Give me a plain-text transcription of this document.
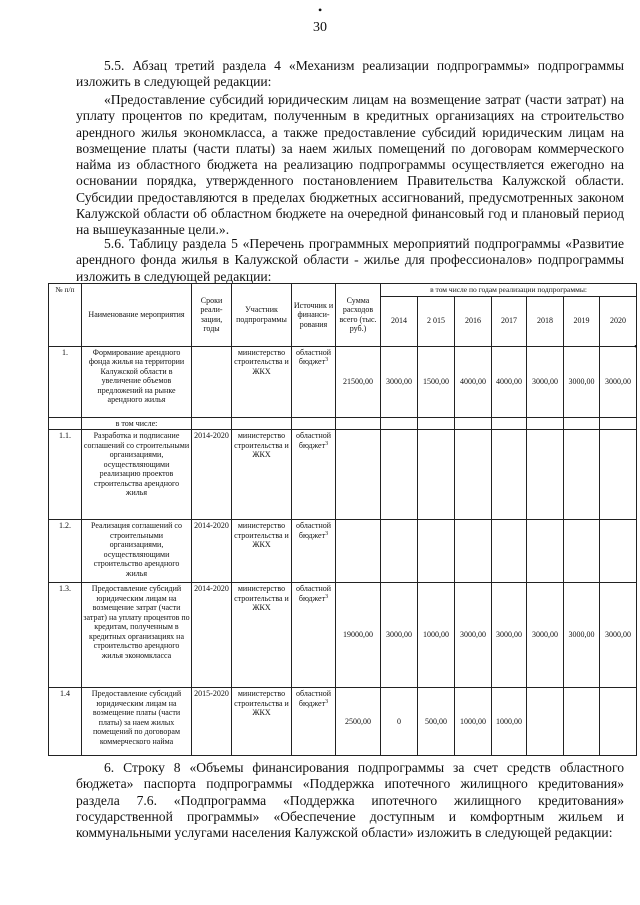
•
30

5.5. Абзац третий раздела 4 «Механизм реализации подпрограммы» подпрограммы изложить в следующей редакции:

«Предоставление субсидий юридическим лицам на возмещение затрат (части затрат) на уплату процентов по кредитам, полученным в кредитных организациях на строительство арендного жилья экономкласса, а также предоставление субсидий юридическим лицам на возмещение платы (части платы) за наем жилых помещений по договорам коммерческого найма из областного бюджета на реализацию подпрограммы осуществляется ежегодно на основании порядка, утвержденного постановлением Правительства Калужской области. Субсидии предоставляются в пределах бюджетных ассигнований, предусмотренных законом Калужской области об областном бюджете на очередной финансовый год и плановый период на вышеуказанные цели.».

5.6. Таблицу раздела 5 «Перечень программных мероприятий подпрограммы «Развитие арендного фонда жилья в Калужской области - жилье для профессионалов» подпрограммы изложить в следующей редакции:

№ п/п	Наименование мероприятия	Сроки реали-зации, годы	Участник подпрограммы	Источник и финанси-рования	Сумма расходов всего (тыс. руб.)	в том числе по годам реализации подпрограммы:						
						2014	2 015	2016	2017	2018	2019	2020
1.	Формирование арендного фонда жилья на территории Калужской области в увеличение объемов предложений на рынке арендного жилья		министерство строительства и ЖКХ	областной бюджет$^3$	21500,00	3000,00	1500,00	4000,00	4000,00	3000,00	3000,00	3000,00
	в том числе:											
1.1.	Разработка и подписание соглашений со строительными организациями, осуществляющими реализацию проектов строительства арендного жилья	2014-2020	министерство строительства и ЖКХ	областной бюджет$^3$								
1.2.	Реализация соглашений со строительными организациями, осуществляющими строительство арендного жилья	2014-2020	министерство строительства и ЖКХ	областной бюджет$^3$								
1.3.	Предоставление субсидий юридическим лицам на возмещение затрат (части затрат) на уплату процентов по кредитам, полученным в кредитных организациях на строительство арендного жилья экономкласса	2014-2020	министерство строительства и ЖКХ	областной бюджет$^3$	19000,00	3000,00	1000,00	3000,00	3000,00	3000,00	3000,00	3000,00
1.4	Предоставление субсидий юридическим лицам на возмещение платы (части платы) за наем жилых помещений по договорам коммерческого найма	2015-2020	министерство строительства и ЖКХ	областной бюджет$^3$	2500,00	0	500,00	1000,00	1000,00			
•

6. Строку 8 «Объемы финансирования подпрограммы за счет средств областного бюджета» паспорта подпрограммы «Поддержка ипотечного жилищного кредитования» раздела 7.6. «Подпрограмма «Поддержка ипотечного жилищного кредитования» государственной программы» «Обеспечение доступным и комфортным жильем и коммунальными услугами населения Калужской области» изложить в следующей редакции:
